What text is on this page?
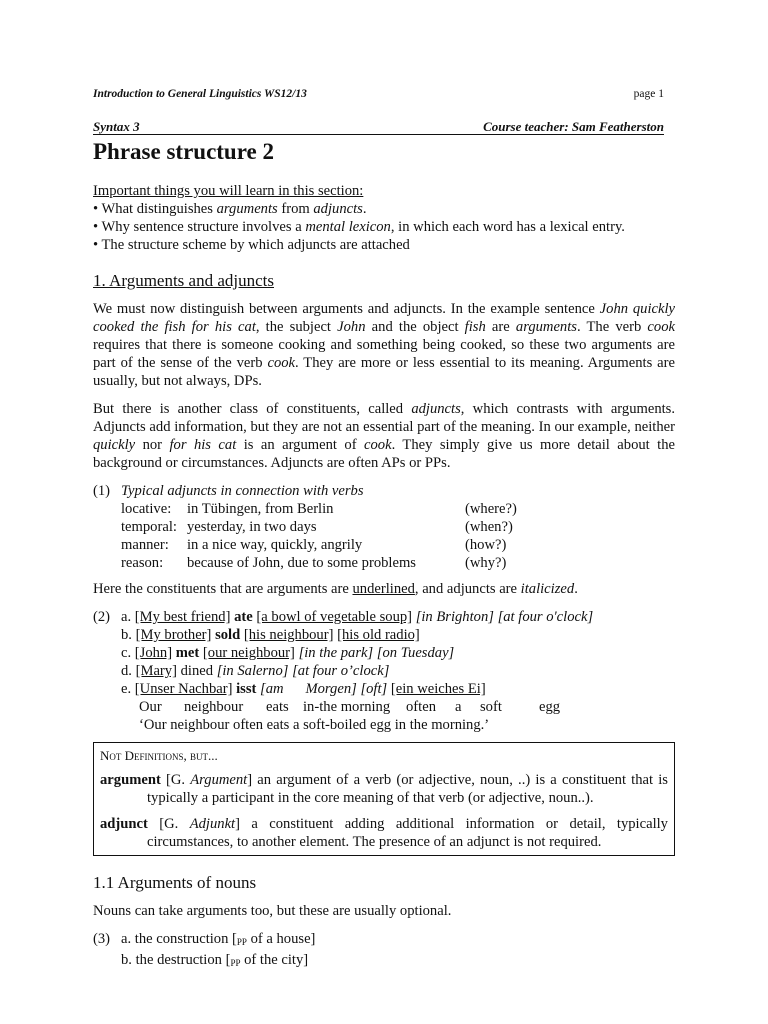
Introduction to General Linguistics WS12/13	page 1
Syntax 3	Course teacher: Sam Featherston
Phrase structure 2

Important things you will learn in this section:

• What distinguishes arguments from adjuncts.

• Why sentence structure involves a mental lexicon, in which each word has a lexical entry.

• The structure scheme by which adjuncts are attached

1. Arguments and adjuncts

We must now distinguish between arguments and adjuncts. In the example sentence John quickly cooked the fish for his cat, the subject John and the object fish are arguments. The verb cook requires that there is someone cooking and something being cooked, so these two arguments are part of the sense of the verb cook. They are more or less essential to its meaning. Arguments are usually, but not always, DPs.

But there is another class of constituents, called adjuncts, which contrasts with arguments. Adjuncts add information, but they are not an essential part of the meaning. In our example, neither quickly nor for his cat is an argument of cook. They simply give us more detail about the background or circumstances. Adjuncts are often APs or PPs.

(1) Typical adjuncts in connection with verbs
locative:	in Tübingen, from Berlin	(where?)
temporal:	yesterday, in two days	(when?)
manner:	in a nice way, quickly, angrily	(how?)
reason:	because of John, due to some problems	(why?)

Here the constituents that are arguments are underlined, and adjuncts are italicized.

(2) a. [My best friend] ate [a bowl of vegetable soup] [in Brighton] [at four o'clock]

b. [My brother] sold [his neighbour] [his old radio]

c. [John] met [our neighbour] [in the park] [on Tuesday]

d. [Mary] dined [in Salerno] [at four o’clock]

e. [Unser Nachbar] isst [am      Morgen] [oft] [ein weiches Ei]

Our neighbour eats in-the morning often a soft	egg

‘Our neighbour often eats a soft-boiled egg in the morning.’

Not Definitions, but...

argument [G. Argument] an argument of a verb (or adjective, noun, ..) is a constituent that is typically a participant in the core meaning of that verb (or adjective, noun..).

adjunct [G. Adjunkt] a constituent adding additional information or detail, typically circumstances, to another element. The presence of an adjunct is not required.

1.1 Arguments of nouns

Nouns can take arguments too, but these are usually optional.

(3) a. the construction [$_{PP}$ of a house]

b. the destruction [$_{PP}$ of the city]
